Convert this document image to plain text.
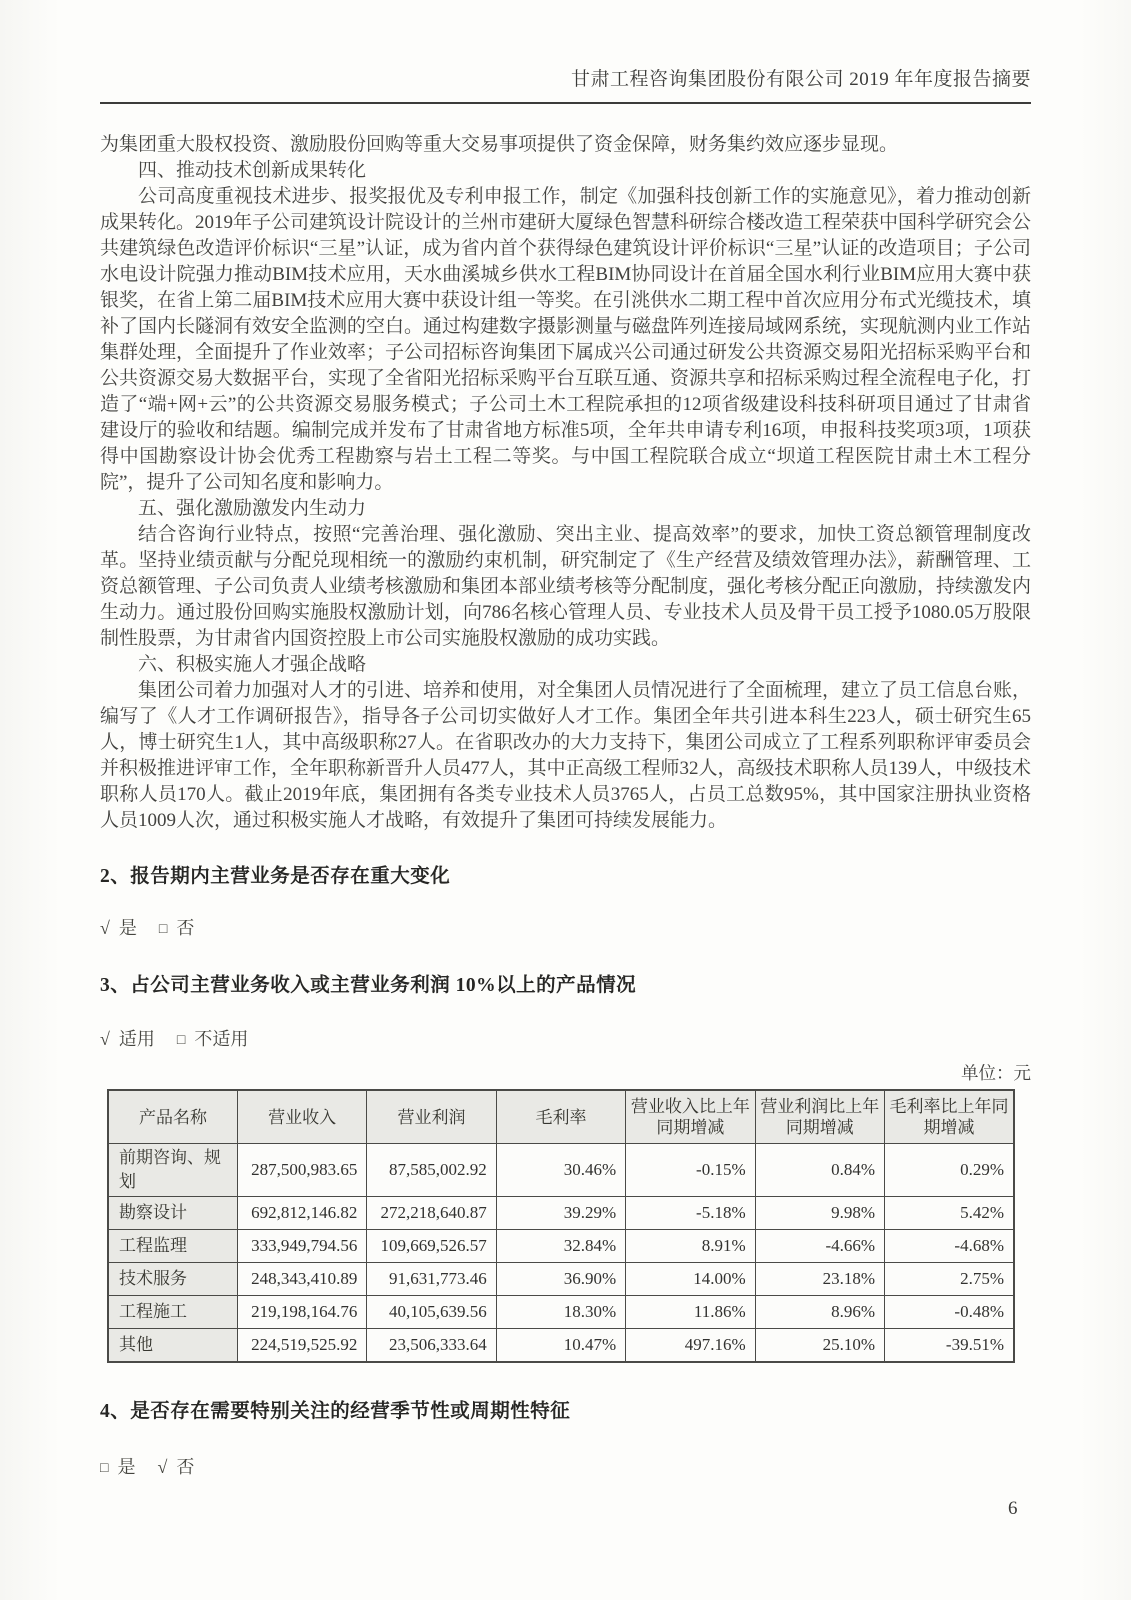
甘肃工程咨询集团股份有限公司 2019 年年度报告摘要

为集团重大股权投资、激励股份回购等重大交易事项提供了资金保障，财务集约效应逐步显现。

四、推动技术创新成果转化

公司高度重视技术进步、报奖报优及专利申报工作，制定《加强科技创新工作的实施意见》，着力推动创新成果转化。2019年子公司建筑设计院设计的兰州市建研大厦绿色智慧科研综合楼改造工程荣获中国科学研究会公共建筑绿色改造评价标识“三星”认证，成为省内首个获得绿色建筑设计评价标识“三星”认证的改造项目；子公司水电设计院强力推动BIM技术应用，天水曲溪城乡供水工程BIM协同设计在首届全国水利行业BIM应用大赛中获银奖，在省上第二届BIM技术应用大赛中获设计组一等奖。在引洮供水二期工程中首次应用分布式光缆技术，填补了国内长隧洞有效安全监测的空白。通过构建数字摄影测量与磁盘阵列连接局域网系统，实现航测内业工作站集群处理，全面提升了作业效率；子公司招标咨询集团下属成兴公司通过研发公共资源交易阳光招标采购平台和公共资源交易大数据平台，实现了全省阳光招标采购平台互联互通、资源共享和招标采购过程全流程电子化，打造了“端+网+云”的公共资源交易服务模式；子公司土木工程院承担的12项省级建设科技科研项目通过了甘肃省建设厅的验收和结题。编制完成并发布了甘肃省地方标准5项，全年共申请专利16项，申报科技奖项3项，1项获得中国勘察设计协会优秀工程勘察与岩土工程二等奖。与中国工程院联合成立“坝道工程医院甘肃土木工程分院”，提升了公司知名度和影响力。

五、强化激励激发内生动力

结合咨询行业特点，按照“完善治理、强化激励、突出主业、提高效率”的要求，加快工资总额管理制度改革。坚持业绩贡献与分配兑现相统一的激励约束机制，研究制定了《生产经营及绩效管理办法》，薪酬管理、工资总额管理、子公司负责人业绩考核激励和集团本部业绩考核等分配制度，强化考核分配正向激励，持续激发内生动力。通过股份回购实施股权激励计划，向786名核心管理人员、专业技术人员及骨干员工授予1080.05万股限制性股票，为甘肃省内国资控股上市公司实施股权激励的成功实践。

六、积极实施人才强企战略

集团公司着力加强对人才的引进、培养和使用，对全集团人员情况进行了全面梳理，建立了员工信息台账，编写了《人才工作调研报告》，指导各子公司切实做好人才工作。集团全年共引进本科生223人，硕士研究生65人，博士研究生1人，其中高级职称27人。在省职改办的大力支持下，集团公司成立了工程系列职称评审委员会并积极推进评审工作，全年职称新晋升人员477人，其中正高级工程师32人，高级技术职称人员139人，中级技术职称人员170人。截止2019年底，集团拥有各类专业技术人员3765人，占员工总数95%，其中国家注册执业资格人员1009人次，通过积极实施人才战略，有效提升了集团可持续发展能力。

2、报告期内主营业务是否存在重大变化
√ 是 □ 否
3、占公司主营业务收入或主营业务利润 10%以上的产品情况
√ 适用 □ 不适用
单位：元
产品名称	营业收入	营业利润	毛利率	营业收入比上年同期增减	营业利润比上年同期增减	毛利率比上年同期增减
前期咨询、规划	287,500,983.65	87,585,002.92	30.46%	-0.15%	0.84%	0.29%
勘察设计	692,812,146.82	272,218,640.87	39.29%	-5.18%	9.98%	5.42%
工程监理	333,949,794.56	109,669,526.57	32.84%	8.91%	-4.66%	-4.68%
技术服务	248,343,410.89	91,631,773.46	36.90%	14.00%	23.18%	2.75%
工程施工	219,198,164.76	40,105,639.56	18.30%	11.86%	8.96%	-0.48%
其他	224,519,525.92	23,506,333.64	10.47%	497.16%	25.10%	-39.51%
4、是否存在需要特别关注的经营季节性或周期性特征
□ 是 √ 否
6
